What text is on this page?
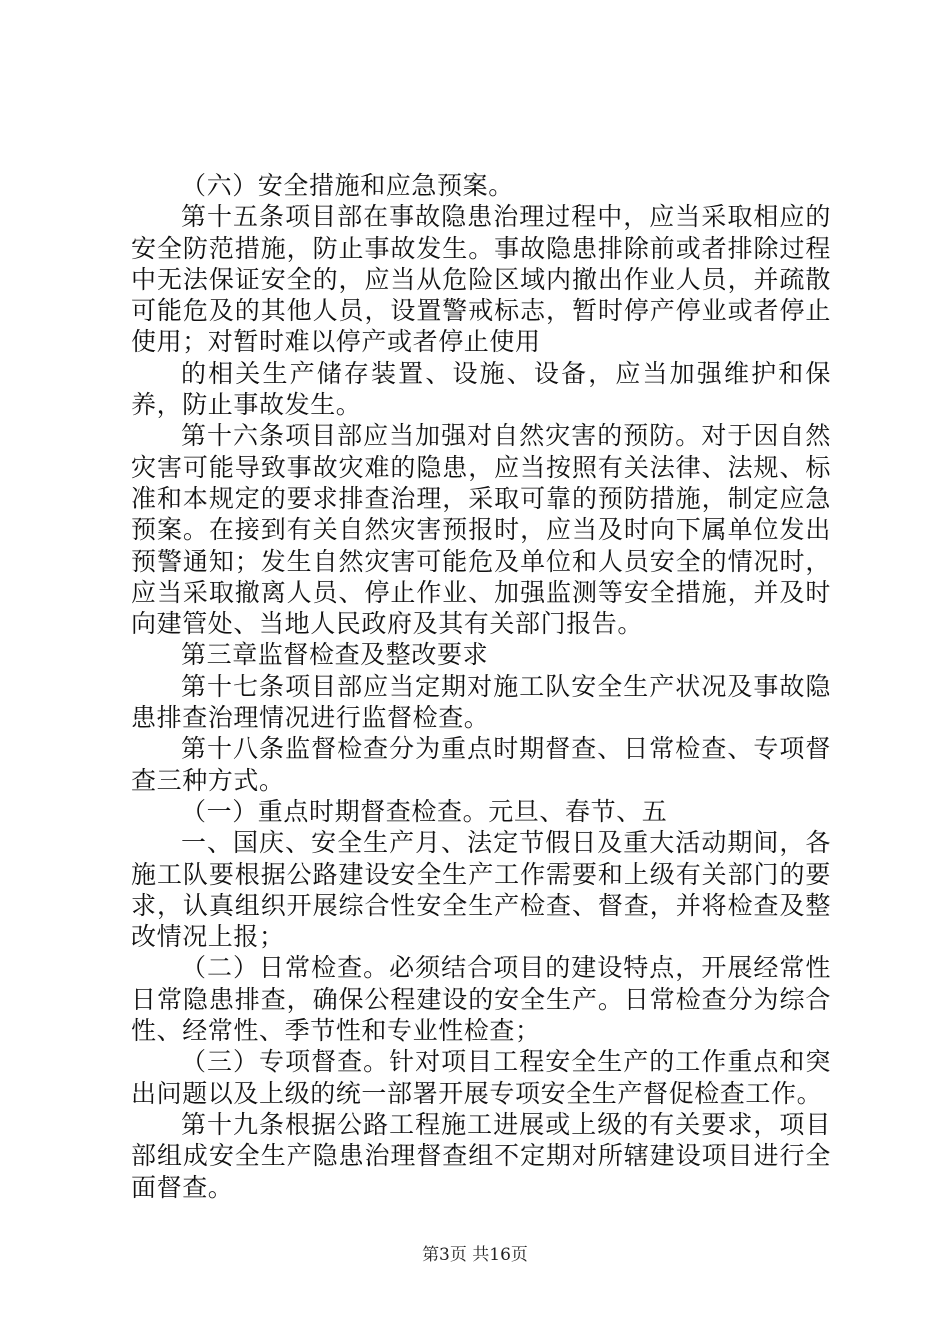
（六）安全措施和应急预案。

第十五条项目部在事故隐患治理过程中，应当采取相应的安全防范措施，防止事故发生。事故隐患排除前或者排除过程中无法保证安全的，应当从危险区域内撤出作业人员，并疏散可能危及的其他人员，设置警戒标志，暂时停产停业或者停止使用；对暂时难以停产或者停止使用

的相关生产储存装置、设施、设备，应当加强维护和保养，防止事故发生。

第十六条项目部应当加强对自然灾害的预防。对于因自然灾害可能导致事故灾难的隐患，应当按照有关法律、法规、标准和本规定的要求排查治理，采取可靠的预防措施，制定应急预案。在接到有关自然灾害预报时，应当及时向下属单位发出预警通知；发生自然灾害可能危及单位和人员安全的情况时，应当采取撤离人员、停止作业、加强监测等安全措施，并及时向建管处、当地人民政府及其有关部门报告。

第三章监督检查及整改要求

第十七条项目部应当定期对施工队安全生产状况及事故隐患排查治理情况进行监督检查。

第十八条监督检查分为重点时期督查、日常检查、专项督查三种方式。

（一）重点时期督查检查。元旦、春节、五

一、国庆、安全生产月、法定节假日及重大活动期间，各施工队要根据公路建设安全生产工作需要和上级有关部门的要求，认真组织开展综合性安全生产检查、督查，并将检查及整改情况上报；

（二）日常检查。必须结合项目的建设特点，开展经常性日常隐患排查，确保公程建设的安全生产。日常检查分为综合性、经常性、季节性和专业性检查；

（三）专项督查。针对项目工程安全生产的工作重点和突出问题以及上级的统一部署开展专项安全生产督促检查工作。

第十九条根据公路工程施工进展或上级的有关要求，项目部组成安全生产隐患治理督查组不定期对所辖建设项目进行全面督查。

第3页 共16页
